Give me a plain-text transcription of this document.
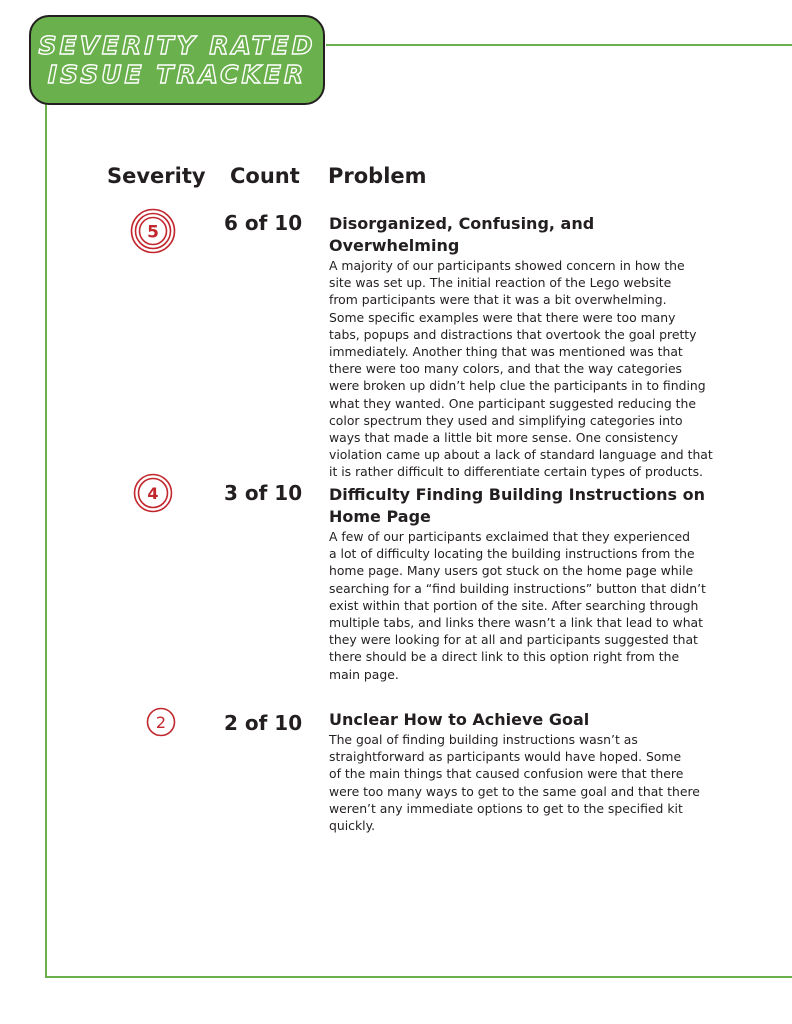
SEVERITY RATED
ISSUE TRACKER
Severity Count Problem
5	6 of 10 Disorganized, Confusing, and Overwhelming

A majority of our participants showed concern in how the
site was set up. The initial reaction of the Lego website
from participants were that it was a bit overwhelming.
Some specific examples were that there were too many
tabs, popups and distractions that overtook the goal pretty
immediately. Another thing that was mentioned was that
there were too many colors, and that the way categories
were broken up didn’t help clue the participants in to finding
what they wanted. One participant suggested reducing the
color spectrum they used and simplifying categories into
ways that made a little bit more sense. One consistency
violation came up about a lack of standard language and that
it is rather difficult to differentiate certain types of products.

4	3 of 10 Difficulty Finding Building Instructions on
Home Page

A few of our participants exclaimed that they experienced
a lot of difficulty locating the building instructions from the
home page. Many users got stuck on the home page while
searching for a “find building instructions” button that didn’t
exist within that portion of the site. After searching through
multiple tabs, and links there wasn’t a link that lead to what
they were looking for at all and participants suggested that
there should be a direct link to this option right from the
main page.

2	2 of 10 Unclear How to Achieve Goal

The goal of finding building instructions wasn’t as
straightforward as participants would have hoped. Some
of the main things that caused confusion were that there
were too many ways to get to the same goal and that there
weren’t any immediate options to get to the specified kit
quickly.
